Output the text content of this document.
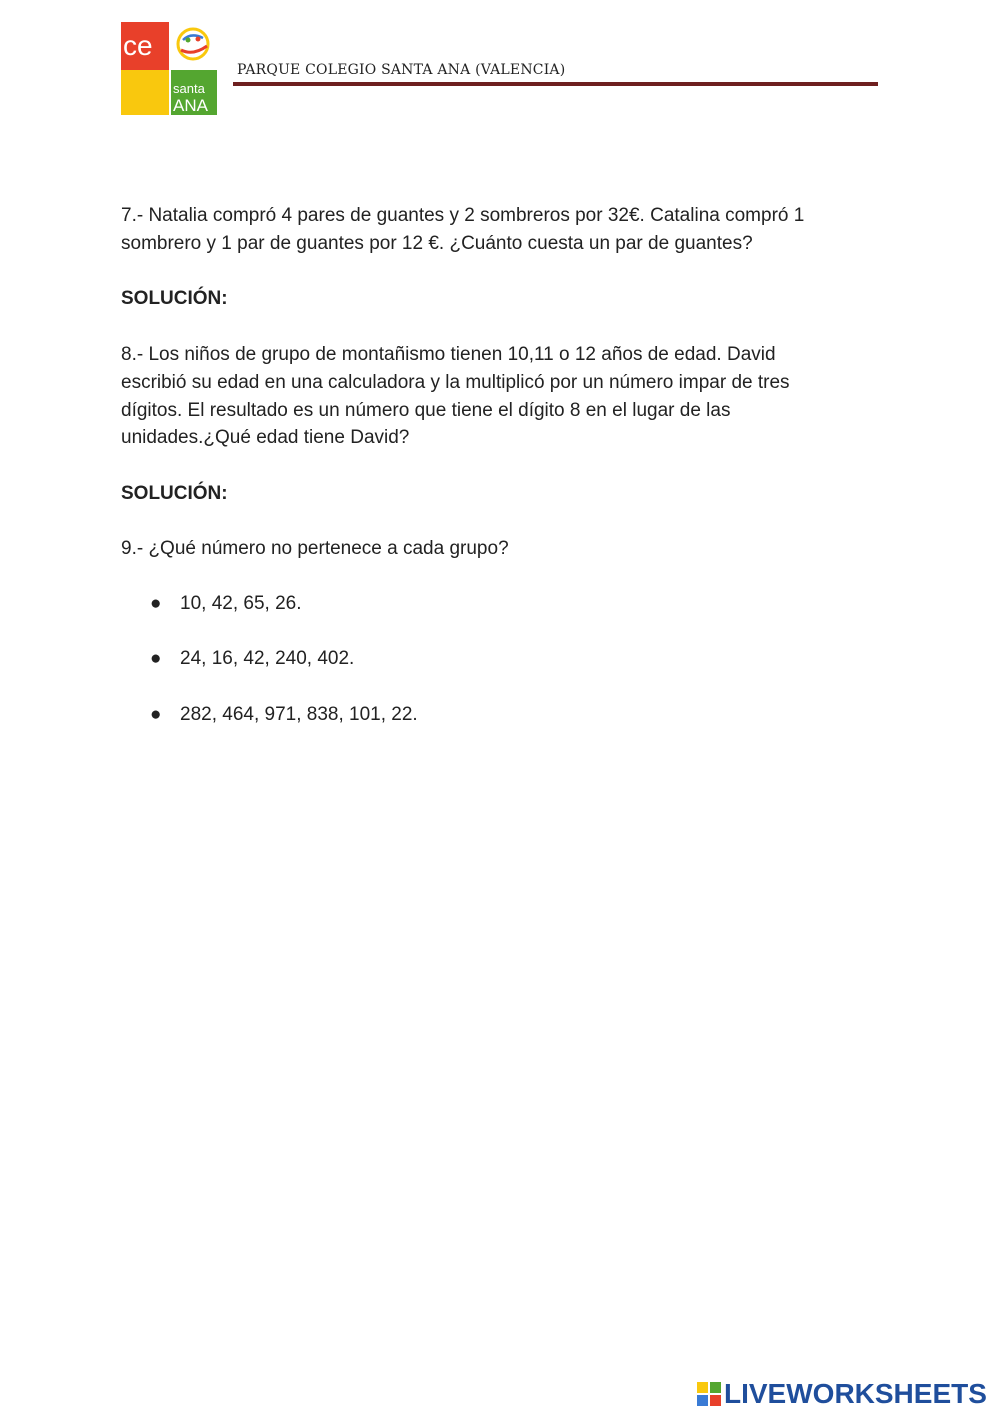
ce
santa
ANA
PARQUE COLEGIO SANTA ANA (VALENCIA)

7.- Natalia compró 4 pares de guantes y 2 sombreros por 32€. Catalina compró 1
sombrero y 1 par de guantes por 12 €. ¿Cuánto cuesta un par de guantes?

SOLUCIÓN:

8.- Los niños de grupo de montañismo tienen 10,11 o 12 años de edad. David
escribió su edad en una calculadora y la multiplicó por un número impar de tres
dígitos. El resultado es un número que tiene el dígito 8 en el lugar de las
unidades.¿Qué edad tiene David?

SOLUCIÓN:

9.- ¿Qué número no pertenece a cada grupo?

● 10, 42, 65, 26.
● 24, 16, 42, 240, 402.
● 282, 464, 971, 838, 101, 22.
LIVEWORKSHEETS
